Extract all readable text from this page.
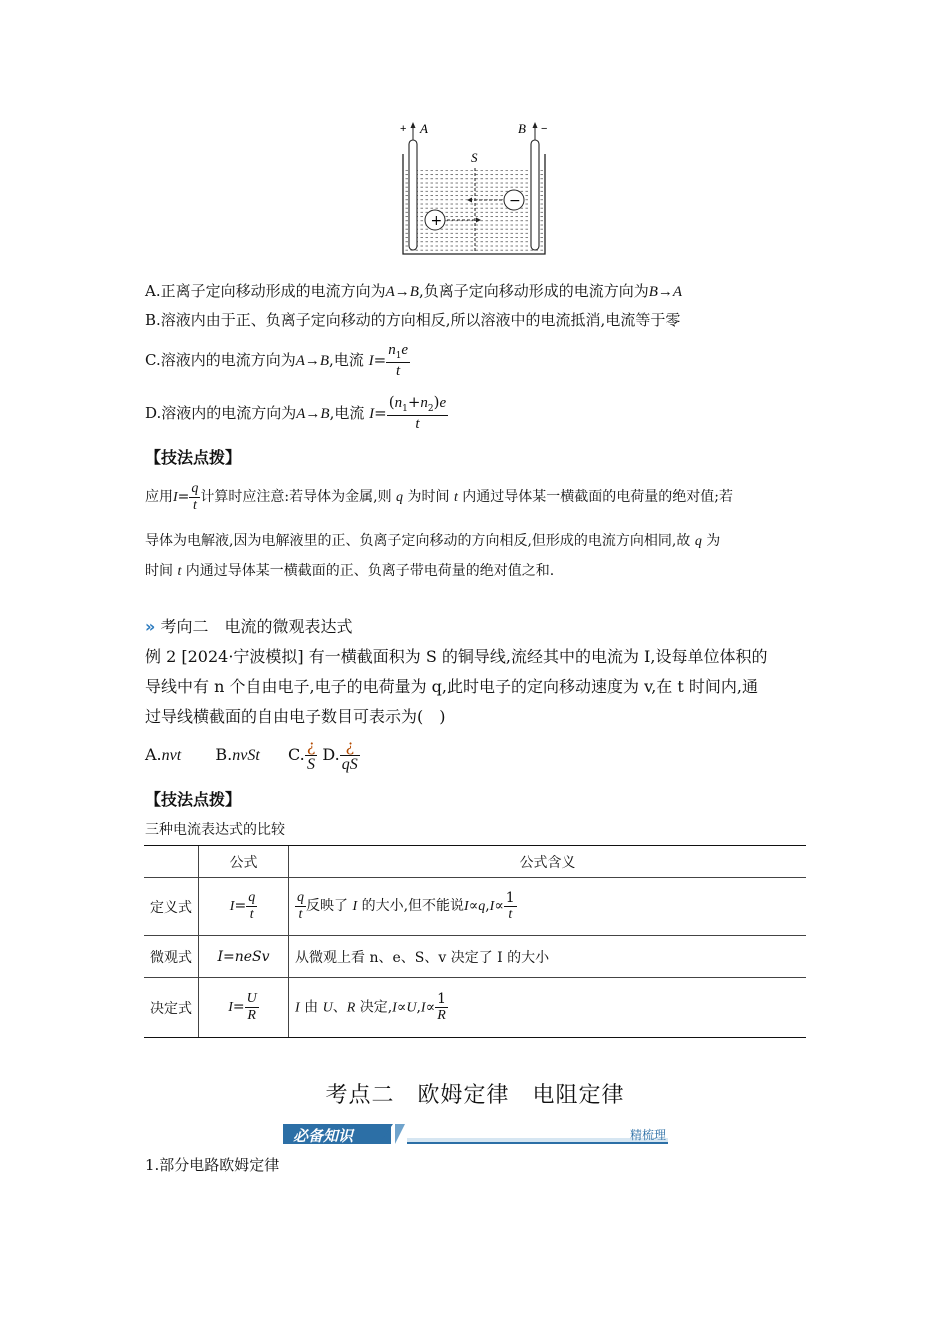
+ A	B −
S
−
+
A.正离子定向移动形成的电流方向为A→B,负离子定向移动形成的电流方向为B→A
B.溶液内由于正、负离子定向移动的方向相反,所以溶液中的电流抵消,电流等于零
C.溶液内的电流方向为A→B,电流 $I= \frac{n_1e}{t}$
D.溶液内的电流方向为A→B,电流 $I= \frac{(n_1+n_2)e}{t}$
【技法点拨】
应用$I= \frac{q}{t}$ 计算时应注意:若导体为金属,则 q 为时间 t 内通过导体某一横截面的电荷量的绝对值;若
导体为电解液,因为电解液里的正、负离子定向移动的方向相反,但形成的电流方向相同,故 q 为
时间 t 内通过导体某一横截面的正、负离子带电荷量的绝对值之和.
» 考向二　电流的微观表达式
例 2 [2024·宁波模拟] 有一横截面积为 S 的铜导线,流经其中的电流为 I,设每单位体积的
导线中有 n 个自由电子,电子的电荷量为 q,此时电子的定向移动速度为 v,在 t 时间内,通
过导线横截面的自由电子数目可表示为(　)
A.nvt B.nvSt C. $\frac{¿}{S} D$. $\frac{¿}{qS}$
【技法点拨】
三种电流表达式的比较
	公式	公式含义
定义式	$I= \frac{q}{t}$	$\frac{q}{t}$ 反映了 I 的大小,但不能说$I\propto q,I\propto \frac{1}{t}$

微观式	I=neSv	从微观上看 n、e、S、v 决定了 I 的大小
决定式	$I= \frac{U}{R}$	I 由 U、R 决定$,I\propto U,I\propto \frac{1}{R}$
考点二　欧姆定律　电阻定律
必备知识	精梳理
1.部分电路欧姆定律
